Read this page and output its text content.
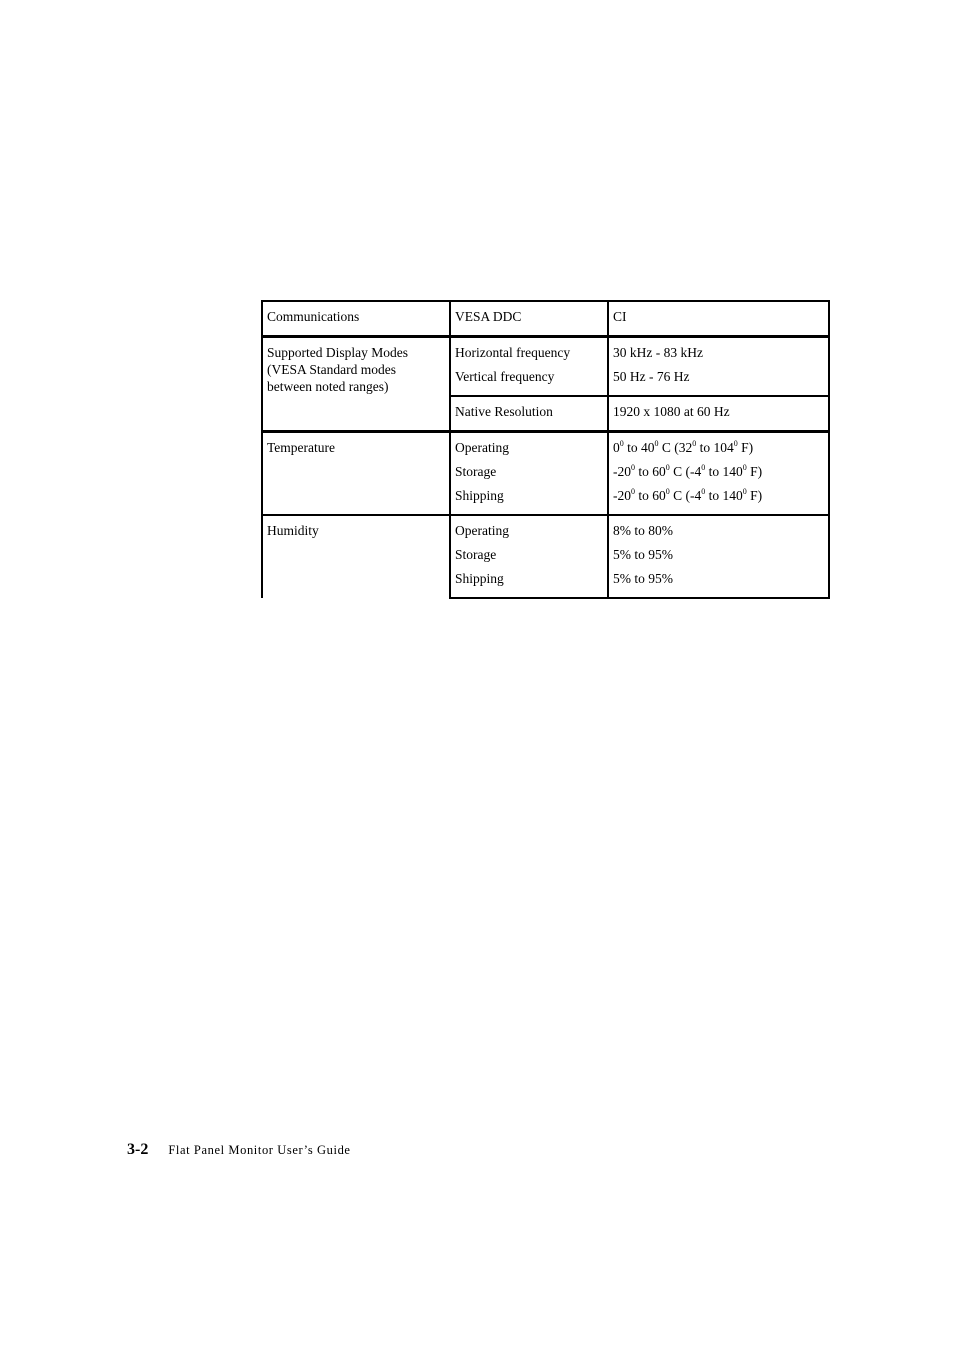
Communications	VESA DDC	CI

Supported Display Modes
(VESA Standard modes
between noted ranges)	Horizontal frequency	30 kHz - 83 kHz
	Vertical frequency	50 Hz - 76 Hz
	Native Resolution	1920 x 1080 at 60 Hz
Temperature	Operating	$0^0$ to $40^0$ C ($32^0$ to $104^0$ F)
	Storage	$-20^0$ to $60^0$ C ($-4^0$ to $140^0$ F)
	Shipping	$-20^0$ to $60^0$ C ($-4^0$ to $140^0$ F)
Humidity	Operating	8% to 80%
	Storage	5% to 95%
	Shipping	5% to 95%
3-2 Flat Panel Monitor User’s Guide
